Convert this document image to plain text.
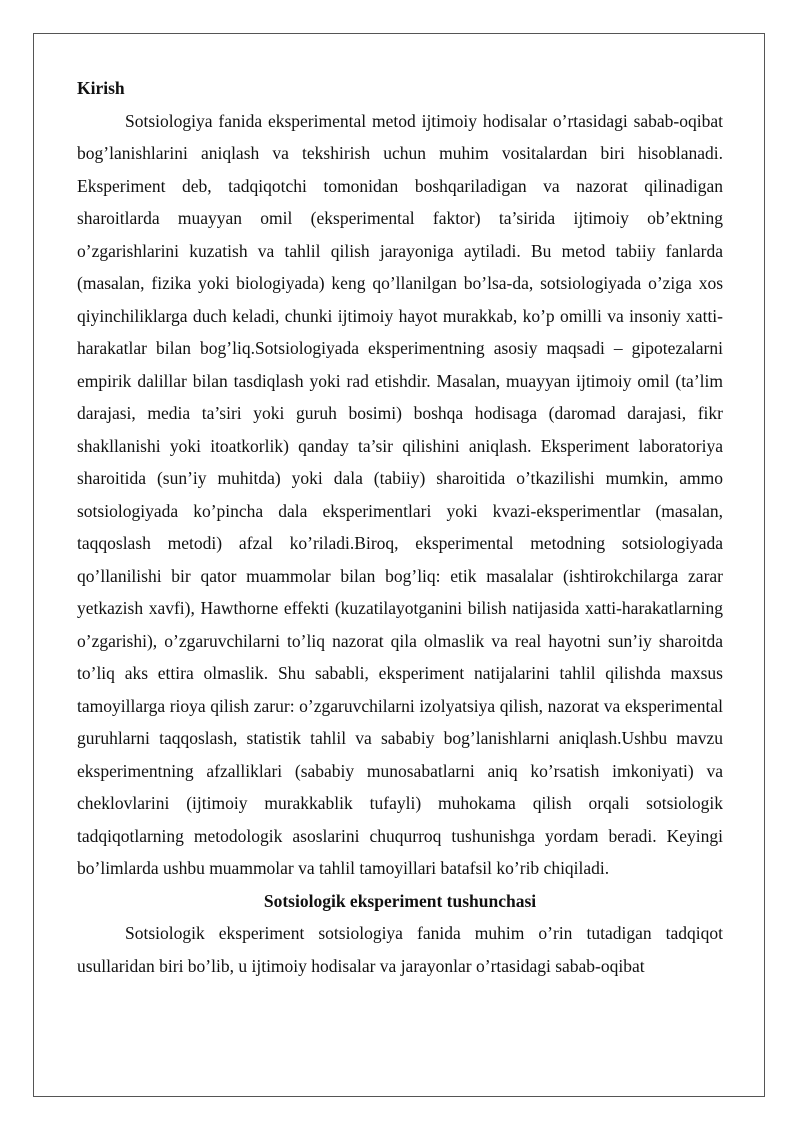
Kirish

Sotsiologiya fanida eksperimental metod ijtimoiy hodisalar o’rtasidagi sabab-oqibat bog’lanishlarini aniqlash va tekshirish uchun muhim vositalardan biri hisoblanadi. Eksperiment deb, tadqiqotchi tomonidan boshqariladigan va nazorat qilinadigan sharoitlarda muayyan omil (eksperimental faktor) ta’sirida ijtimoiy ob’ektning o’zgarishlarini kuzatish va tahlil qilish jarayoniga aytiladi. Bu metod tabiiy fanlarda (masalan, fizika yoki biologiyada) keng qo’llanilgan bo’lsa-da, sotsiologiyada o’ziga xos qiyinchiliklarga duch keladi, chunki ijtimoiy hayot murakkab, ko’p omilli va insoniy xatti-harakatlar bilan bog’liq.Sotsiologiyada eksperimentning asosiy maqsadi – gipotezalarni empirik dalillar bilan tasdiqlash yoki rad etishdir. Masalan, muayyan ijtimoiy omil (ta’lim darajasi, media ta’siri yoki guruh bosimi) boshqa hodisaga (daromad darajasi, fikr shakllanishi yoki itoatkorlik) qanday ta’sir qilishini aniqlash. Eksperiment laboratoriya sharoitida (sun’iy muhitda) yoki dala (tabiiy) sharoitida o’tkazilishi mumkin, ammo sotsiologiyada ko’pincha dala eksperimentlari yoki kvazi-eksperimentlar (masalan, taqqoslash metodi) afzal ko’riladi.Biroq, eksperimental metodning sotsiologiyada qo’llanilishi bir qator muammolar bilan bog’liq: etik masalalar (ishtirokchilarga zarar yetkazish xavfi), Hawthorne effekti (kuzatilayotganini bilish natijasida xatti-harakatlarning o’zgarishi), o’zgaruvchilarni to’liq nazorat qila olmaslik va real hayotni sun’iy sharoitda to’liq aks ettira olmaslik. Shu sababli, eksperiment natijalarini tahlil qilishda maxsus tamoyillarga rioya qilish zarur: o’zgaruvchilarni izolyatsiya qilish, nazorat va eksperimental guruhlarni taqqoslash, statistik tahlil va sababiy bog’lanishlarni aniqlash.Ushbu mavzu eksperimentning afzalliklari (sababiy munosabatlarni aniq ko’rsatish imkoniyati) va cheklovlarini (ijtimoiy murakkablik tufayli) muhokama qilish orqali sotsiologik tadqiqotlarning metodologik asoslarini chuqurroq tushunishga yordam beradi. Keyingi bo’limlarda ushbu muammolar va tahlil tamoyillari batafsil ko’rib chiqiladi.

Sotsiologik eksperiment tushunchasi

Sotsiologik eksperiment sotsiologiya fanida muhim o’rin tutadigan tadqiqot usullaridan biri bo’lib, u ijtimoiy hodisalar va jarayonlar o’rtasidagi sabab-oqibat
